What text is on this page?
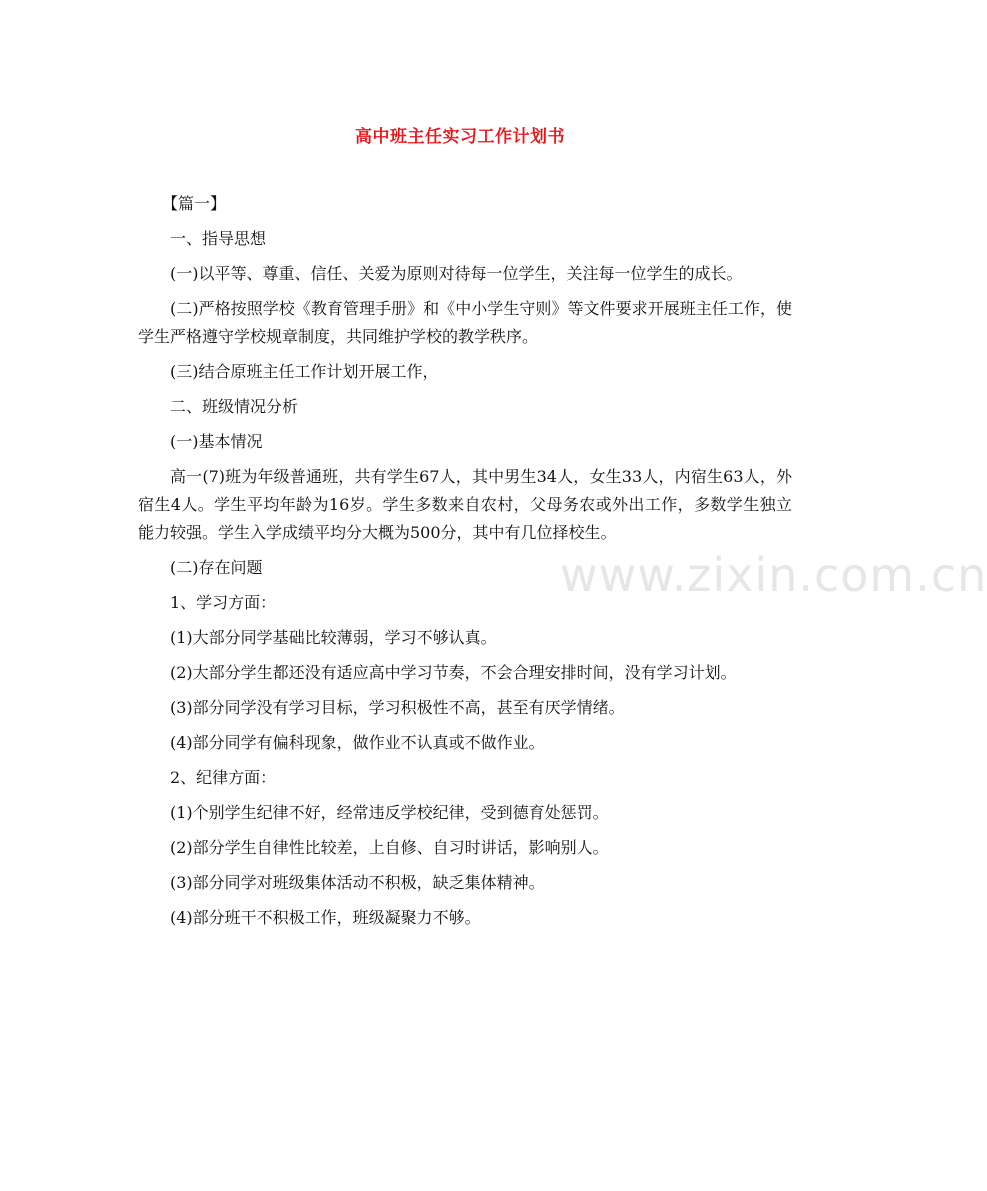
www.zixin.com.cn
高中班主任实习工作计划书

【篇一】

一、指导思想

(一)以平等、尊重、信任、关爱为原则对待每一位学生，关注每一位学生的成长。

(二)严格按照学校《教育管理手册》和《中小学生守则》等文件要求开展班主任工作，使学生严格遵守学校规章制度，共同维护学校的教学秩序。

(三)结合原班主任工作计划开展工作，

二、班级情况分析

(一)基本情况

高一(7)班为年级普通班，共有学生67人，其中男生34人，女生33人，内宿生63人，外宿生4人。学生平均年龄为16岁。学生多数来自农村，父母务农或外出工作，多数学生独立能力较强。学生入学成绩平均分大概为500分，其中有几位择校生。

(二)存在问题

1、学习方面：

(1)大部分同学基础比较薄弱，学习不够认真。

(2)大部分学生都还没有适应高中学习节奏，不会合理安排时间，没有学习计划。

(3)部分同学没有学习目标，学习积极性不高，甚至有厌学情绪。

(4)部分同学有偏科现象，做作业不认真或不做作业。

2、纪律方面：

(1)个别学生纪律不好，经常违反学校纪律，受到德育处惩罚。

(2)部分学生自律性比较差，上自修、自习时讲话，影响别人。

(3)部分同学对班级集体活动不积极，缺乏集体精神。

(4)部分班干不积极工作，班级凝聚力不够。
